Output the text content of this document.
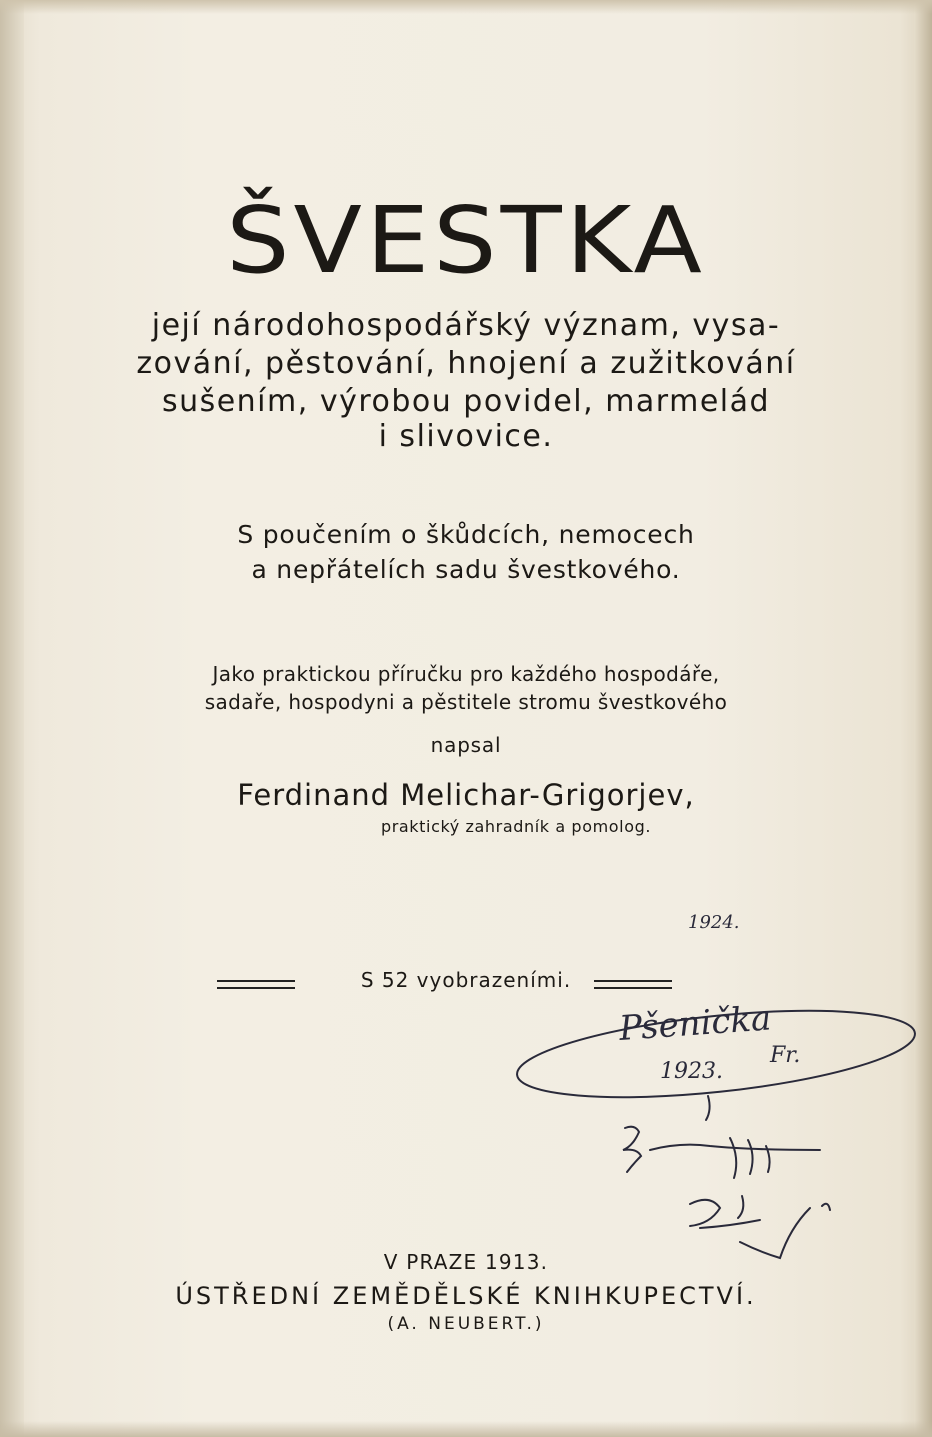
ŠVESTKA
její národohospodářský význam, vysa-
zování, pěstování, hnojení a zužitkování
sušením, výrobou povidel, marmelád
i slivovice.
S poučením o škůdcích, nemocech
a nepřátelích sadu švestkového.
Jako praktickou příručku pro každého hospodáře,
sadaře, hospodyni a pěstitele stromu švestkového
napsal
Ferdinand Melichar-Grigorjev,
praktický zahradník a pomolog.
S 52 vyobrazeními.
V PRAZE 1913.
ÚSTŘEDNÍ ZEMĚDĚLSKÉ KNIHKUPECTVÍ.
(A. NEUBERT.)
1924.
Pšenička
Fr.
1923.
